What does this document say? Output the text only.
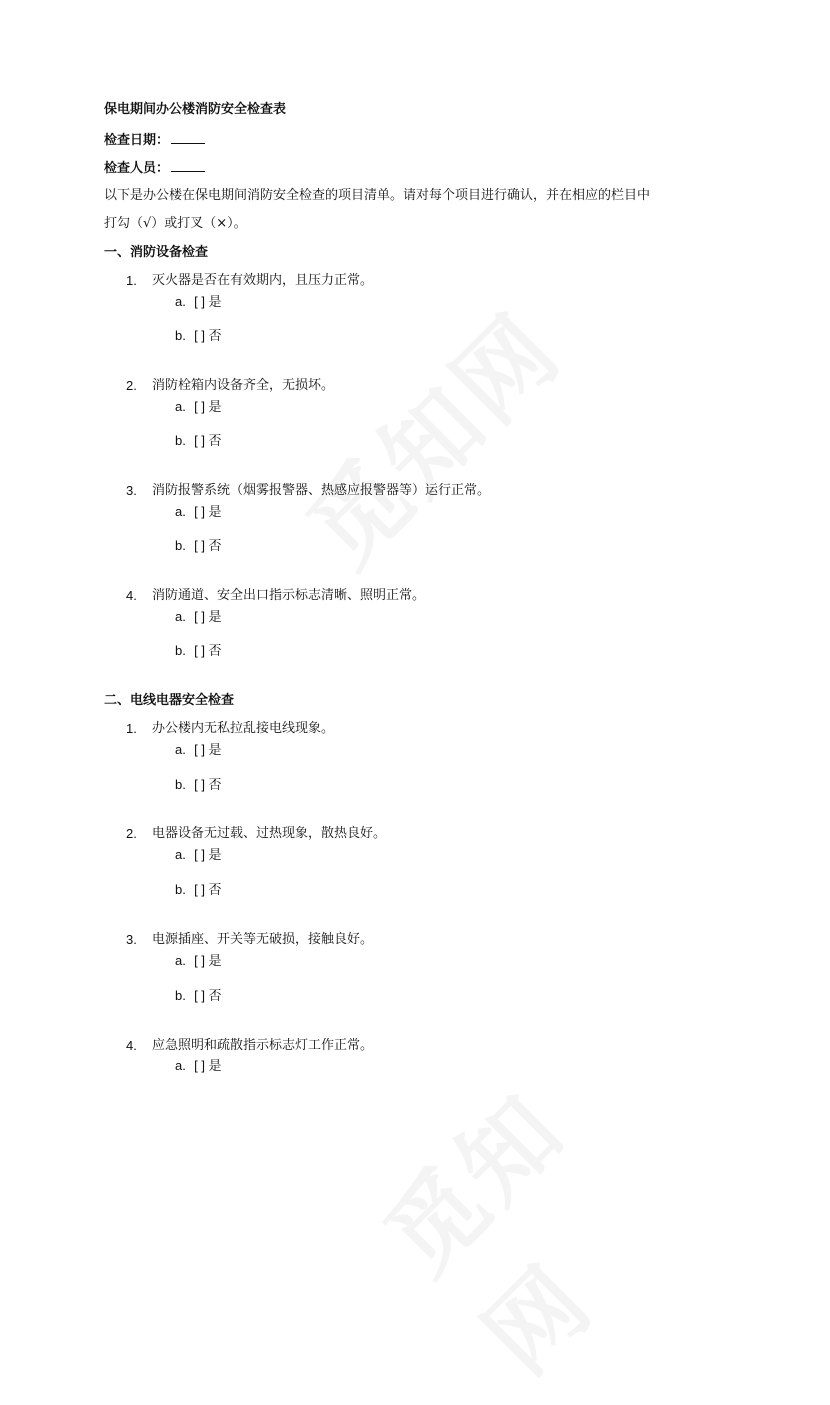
保电期间办公楼消防安全检查表
检查日期：
检查人员：
以下是办公楼在保电期间消防安全检查的项目清单。请对每个项目进行确认，并在相应的栏目中
打勾（√）或打叉（×）。
一、消防设备检查
1. 灭火器是否在有效期内，且压力正常。
a. [ ] 是
b. [ ] 否
2. 消防栓箱内设备齐全，无损坏。
a. [ ] 是
b. [ ] 否
3. 消防报警系统（烟雾报警器、热感应报警器等）运行正常。
a. [ ] 是
b. [ ] 否
4. 消防通道、安全出口指示标志清晰、照明正常。
a. [ ] 是
b. [ ] 否
二、电线电器安全检查
1. 办公楼内无私拉乱接电线现象。
a. [ ] 是
b. [ ] 否
2. 电器设备无过载、过热现象，散热良好。
a. [ ] 是
b. [ ] 否
3. 电源插座、开关等无破损，接触良好。
a. [ ] 是
b. [ ] 否
4. 应急照明和疏散指示标志灯工作正常。
a. [ ] 是
